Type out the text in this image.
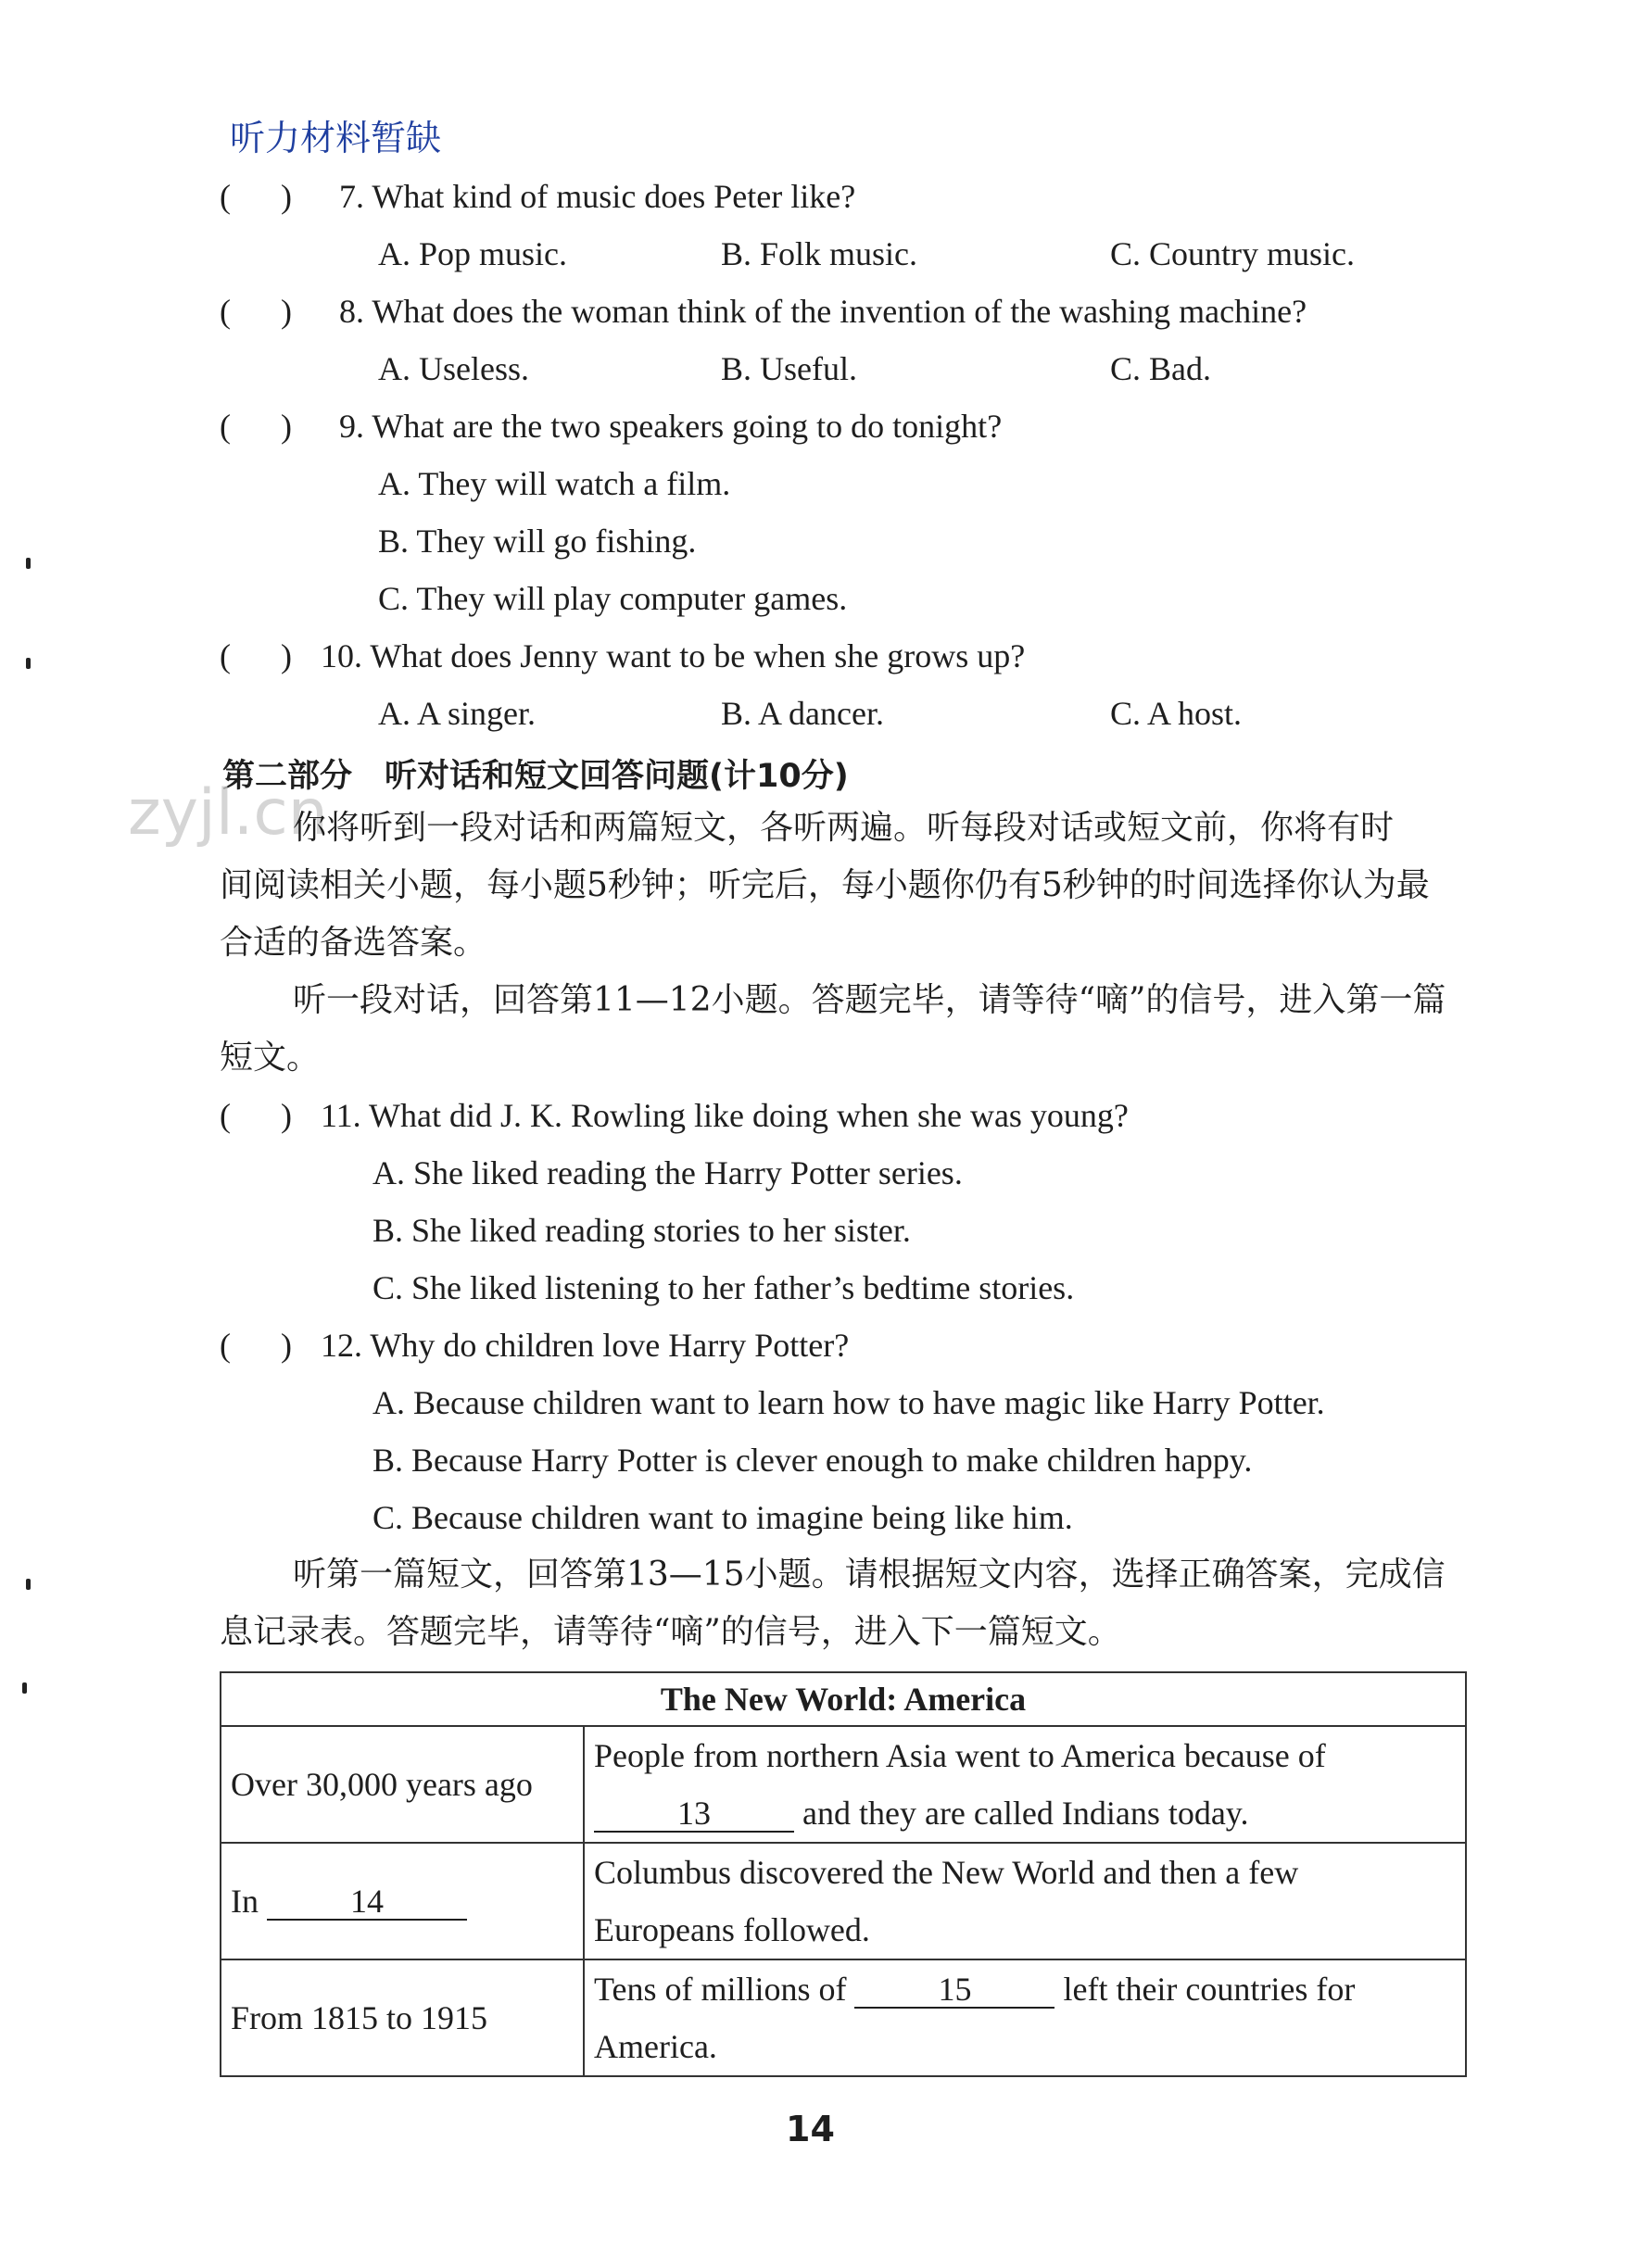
听力材料暂缺
(      ) 7. What kind of music does Peter like?
A. Pop music.	B. Folk music.	C. Country music.
(      ) 8. What does the woman think of the invention of the washing machine?
A. Useless.	B. Useful.	C. Bad.
(      ) 9. What are the two speakers going to do tonight?
A. They will watch a film.
B. They will go fishing.
C. They will play computer games.
(      ) 10. What does Jenny want to be when she grows up?
A. A singer.	B. A dancer.	C. A host.
第二部分　听对话和短文回答问题(计10分)
zyjl.cn
你将听到一段对话和两篇短文，各听两遍。听每段对话或短文前，你将有时
间阅读相关小题，每小题5秒钟；听完后，每小题你仍有5秒钟的时间选择你认为最
合适的备选答案。
听一段对话，回答第11—12小题。答题完毕，请等待“嘀”的信号，进入第一篇
短文。
(      ) 11. What did J. K. Rowling like doing when she was young?
A. She liked reading the Harry Potter series.
B. She liked reading stories to her sister.
C. She liked listening to her father’s bedtime stories.
(      ) 12. Why do children love Harry Potter?
A. Because children want to learn how to have magic like Harry Potter.
B. Because Harry Potter is clever enough to make children happy.
C. Because children want to imagine being like him.
听第一篇短文，回答第13—15小题。请根据短文内容，选择正确答案，完成信
息记录表。答题完毕，请等待“嘀”的信号，进入下一篇短文。
The New World: America	
Over 30,000 years ago	People from northern Asia went to America because of
13 and they are called Indians today.
In 14	Columbus discovered the New World and then a few
Europeans followed.
From 1815 to 1915	Tens of millions of 15 left their countries for
America.
14
